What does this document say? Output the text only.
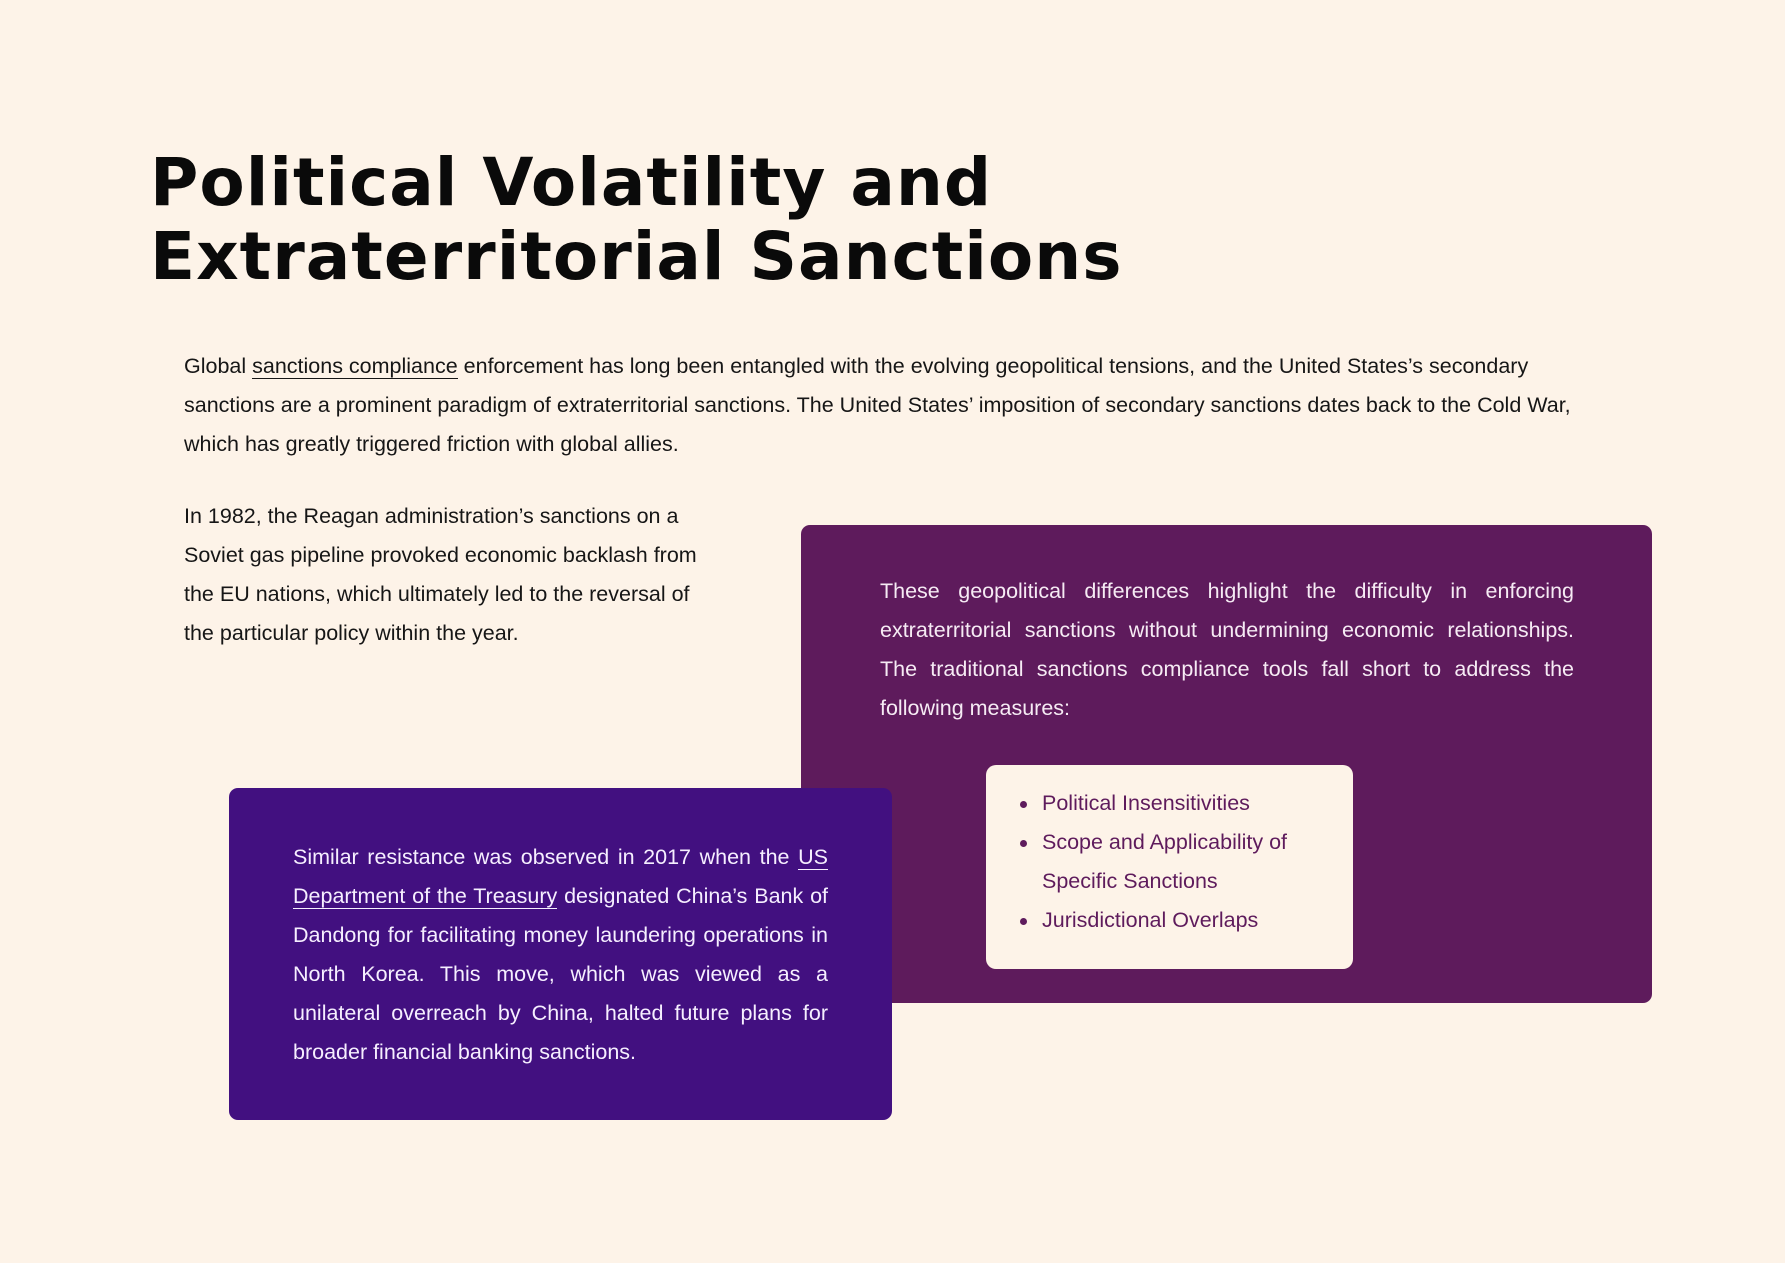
Political Volatility and
Extraterritorial Sanctions

Global sanctions compliance enforcement has long been entangled with the evolving geopolitical tensions, and the United States’s secondary sanctions are a prominent paradigm of extraterritorial sanctions. The United States’ imposition of secondary sanctions dates back to the Cold War, which has greatly triggered friction with global allies.

In 1982, the Reagan administration’s sanctions on a Soviet gas pipeline provoked economic backlash from the EU nations, which ultimately led to the reversal of the particular policy within the year.

These geopolitical differences highlight the difficulty in enforcing extraterritorial sanctions without undermining economic relationships. The traditional sanctions compliance tools fall short to address the following measures:

Political Insensitivities
Scope and Applicability of Specific Sanctions
Jurisdictional Overlaps

Similar resistance was observed in 2017 when the US Department of the Treasury designated China’s Bank of Dandong for facilitating money laundering operations in North Korea. This move, which was viewed as a unilateral overreach by China, halted future plans for broader financial banking sanctions.
